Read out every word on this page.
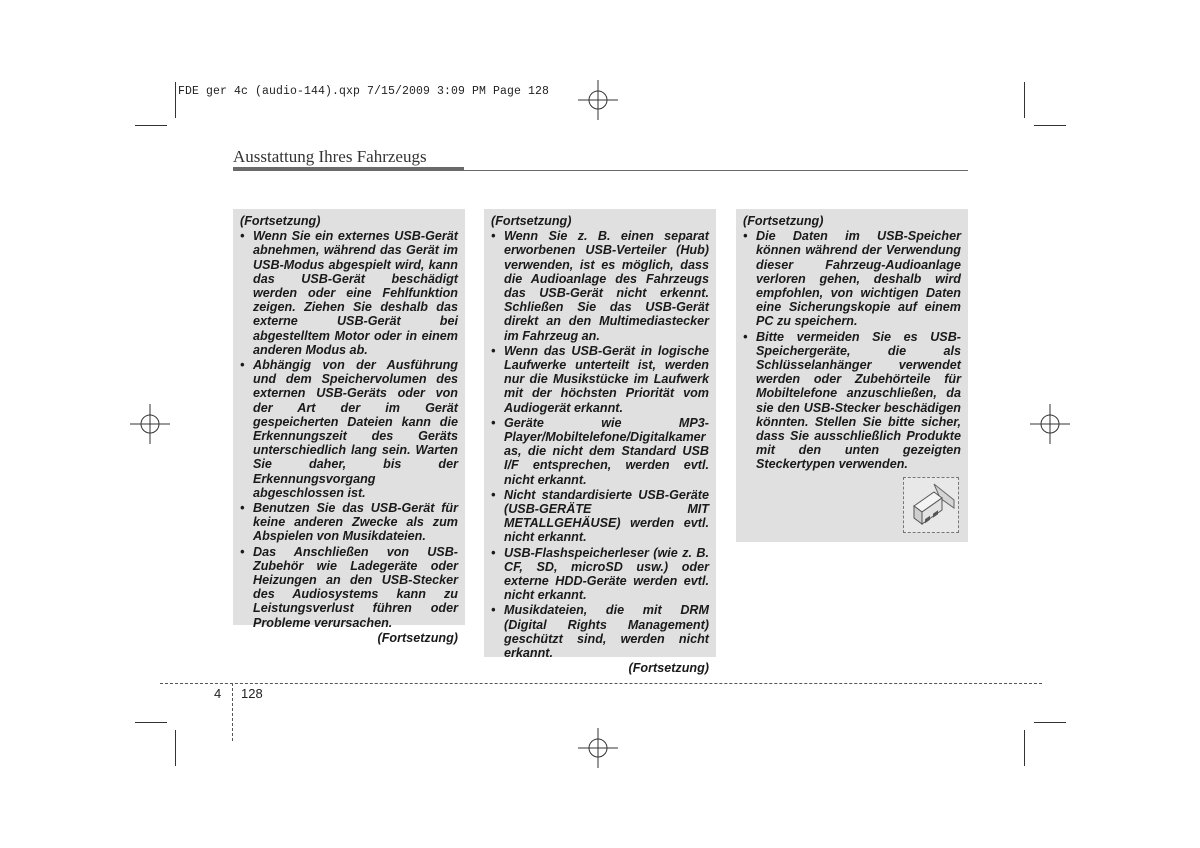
FDE ger 4c (audio-144).qxp 7/15/2009 3:09 PM Page 128
Ausstattung Ihres Fahrzeugs

(Fortsetzung)

• Wenn Sie ein externes USB-Gerät abnehmen, während das Gerät im USB-Modus abgespielt wird, kann das USB-Gerät beschädigt werden oder eine Fehlfunktion zeigen. Ziehen Sie deshalb das externe USB-Gerät bei abgestelltem Motor oder in einem anderen Modus ab.
• Abhängig von der Ausführung und dem Speichervolumen des externen USB-Geräts oder von der Art der im Gerät gespeicherten Dateien kann die Erkennungszeit des Geräts unterschiedlich lang sein. Warten Sie daher, bis der Erkennungsvorgang abgeschlossen ist.
• Benutzen Sie das USB-Gerät für keine anderen Zwecke als zum Abspielen von Musikdateien.
• Das Anschließen von USB-Zubehör wie Ladegeräte oder Heizungen an den USB-Stecker des Audiosystems kann zu Leistungsverlust führen oder Probleme verursachen.

(Fortsetzung)

(Fortsetzung)

• Wenn Sie z. B. einen separat erworbenen USB-Verteiler (Hub) verwenden, ist es möglich, dass die Audioanlage des Fahrzeugs das USB-Gerät nicht erkennt. Schließen Sie das USB-Gerät direkt an den Multimediastecker im Fahrzeug an.
• Wenn das USB-Gerät in logische Laufwerke unterteilt ist, werden nur die Musikstücke im Laufwerk mit der höchsten Priorität vom Audiogerät erkannt.
• Geräte wie MP3- Player/Mobiltelefone/Digitalkamer as, die nicht dem Standard USB I/F entsprechen, werden evtl. nicht erkannt.
• Nicht standardisierte USB-Geräte (USB-GERÄTE MIT METALLGEHÄUSE) werden evtl. nicht erkannt.
• USB-Flashspeicherleser (wie z. B. CF, SD, microSD usw.) oder externe HDD-Geräte werden evtl. nicht erkannt.
• Musikdateien, die mit DRM (Digital Rights Management) geschützt sind, werden nicht erkannt.

(Fortsetzung)

(Fortsetzung)

• Die Daten im USB-Speicher können während der Verwendung dieser Fahrzeug-Audioanlage verloren gehen, deshalb wird empfohlen, von wichtigen Daten eine Sicherungskopie auf einem PC zu speichern.
• Bitte vermeiden Sie es USB-Speichergeräte, die als Schlüsselanhänger verwendet werden oder Zubehörteile für Mobiltelefone anzuschließen, da sie den USB-Stecker beschädigen könnten. Stellen Sie bitte sicher, dass Sie ausschließlich Produkte mit den unten gezeigten Steckertypen verwenden.
4 128
